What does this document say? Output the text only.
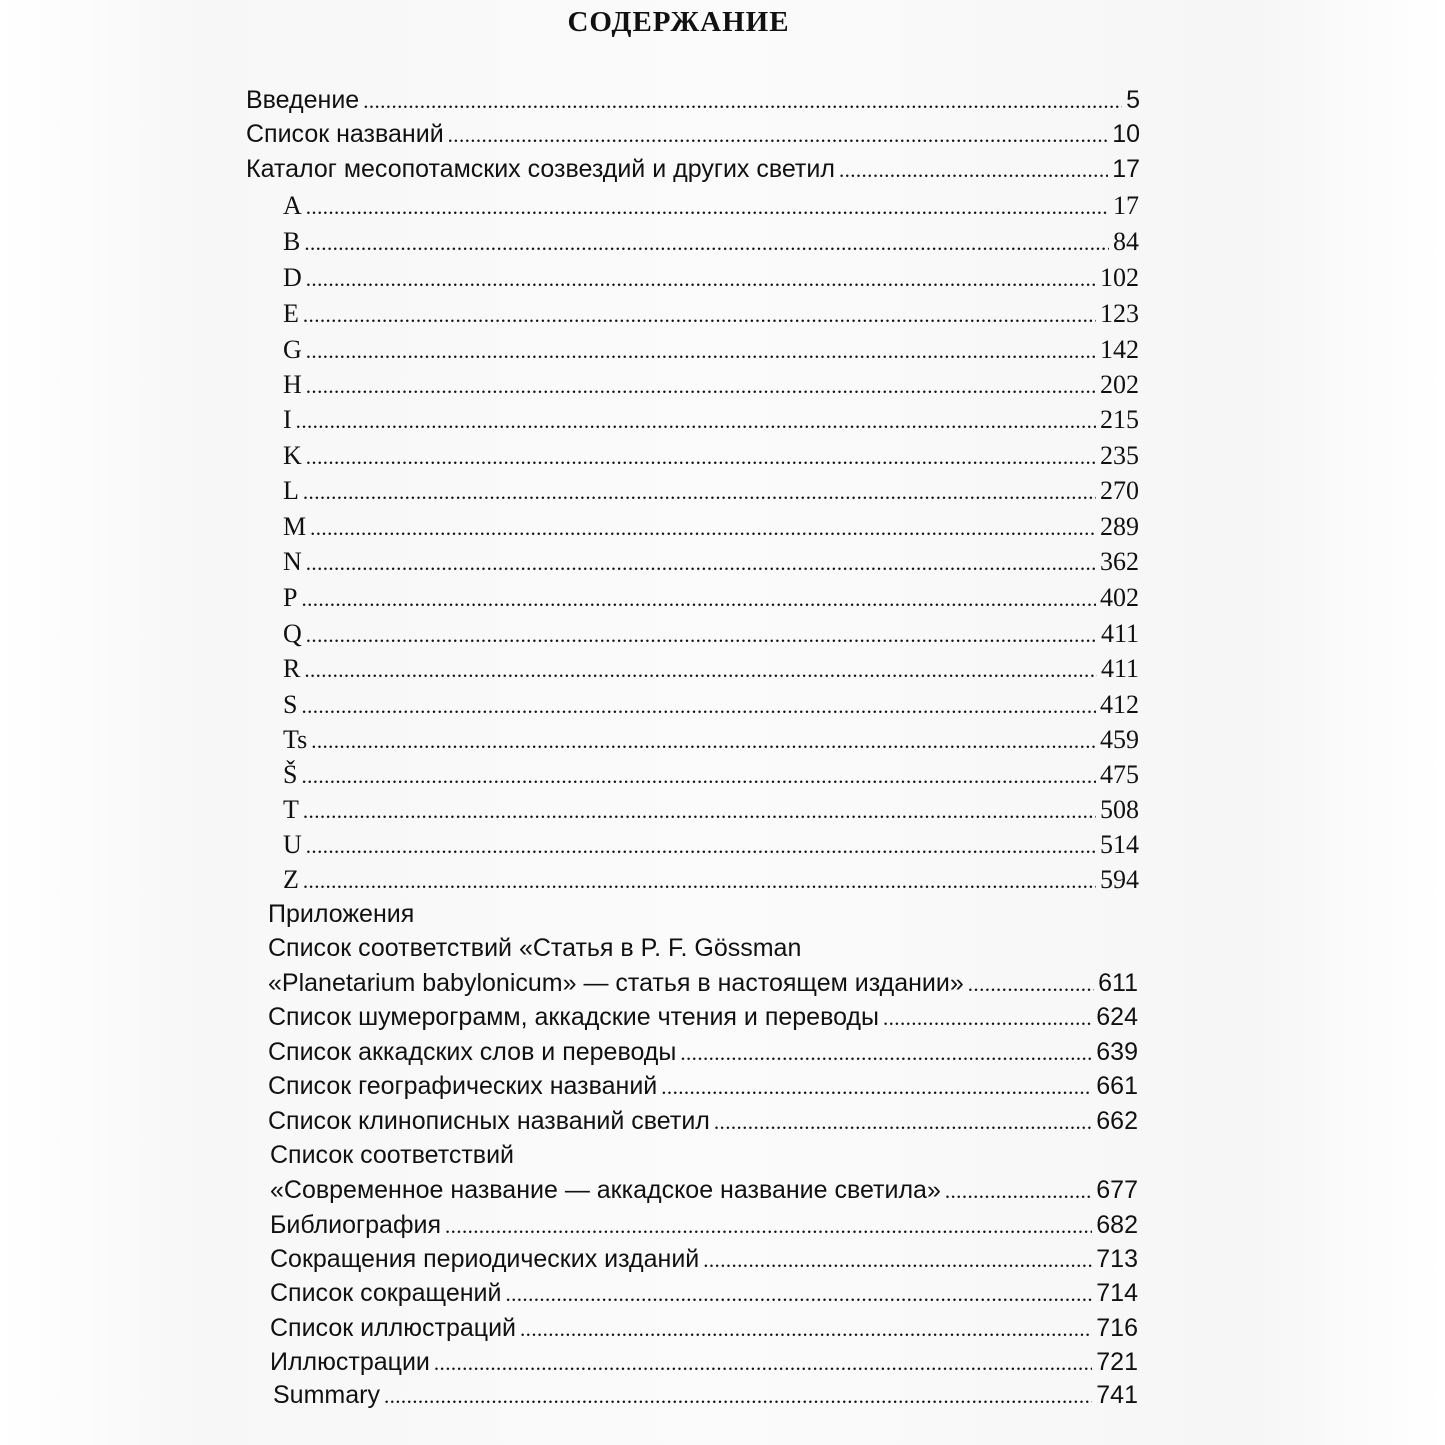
СОДЕРЖАНИЕ
Введение .....	5
Список названий .....	10
Каталог месопотамских созвездий и других светил .....	17
A .....	17
B .....	84
D .....	102
E .....	123
G .....	142
H .....	202
I .....	215
K .....	235
L .....	270
M .....	289
N .....	362
P .....	402
Q .....	411
R .....	411
S .....	412
Ts .....	459
Š .....	475
T .....	508
U .....	514
Z .....	594
Приложения
Список соответствий «Статья в P. F. Gössman
«Planetarium babylonicum» — статья в настоящем издании» .....	611
Список шумерограмм, аккадские чтения и переводы .....	624
Список аккадских слов и переводы .....	639
Список географических названий .....	661
Список клинописных названий светил .....	662
Список соответствий
«Современное название — аккадское название светила» .....	677
Библиография .....	682
Сокращения периодических изданий .....	713
Список сокращений .....	714
Список иллюстраций .....	716
Иллюстрации .....	721
Summary .....	741
